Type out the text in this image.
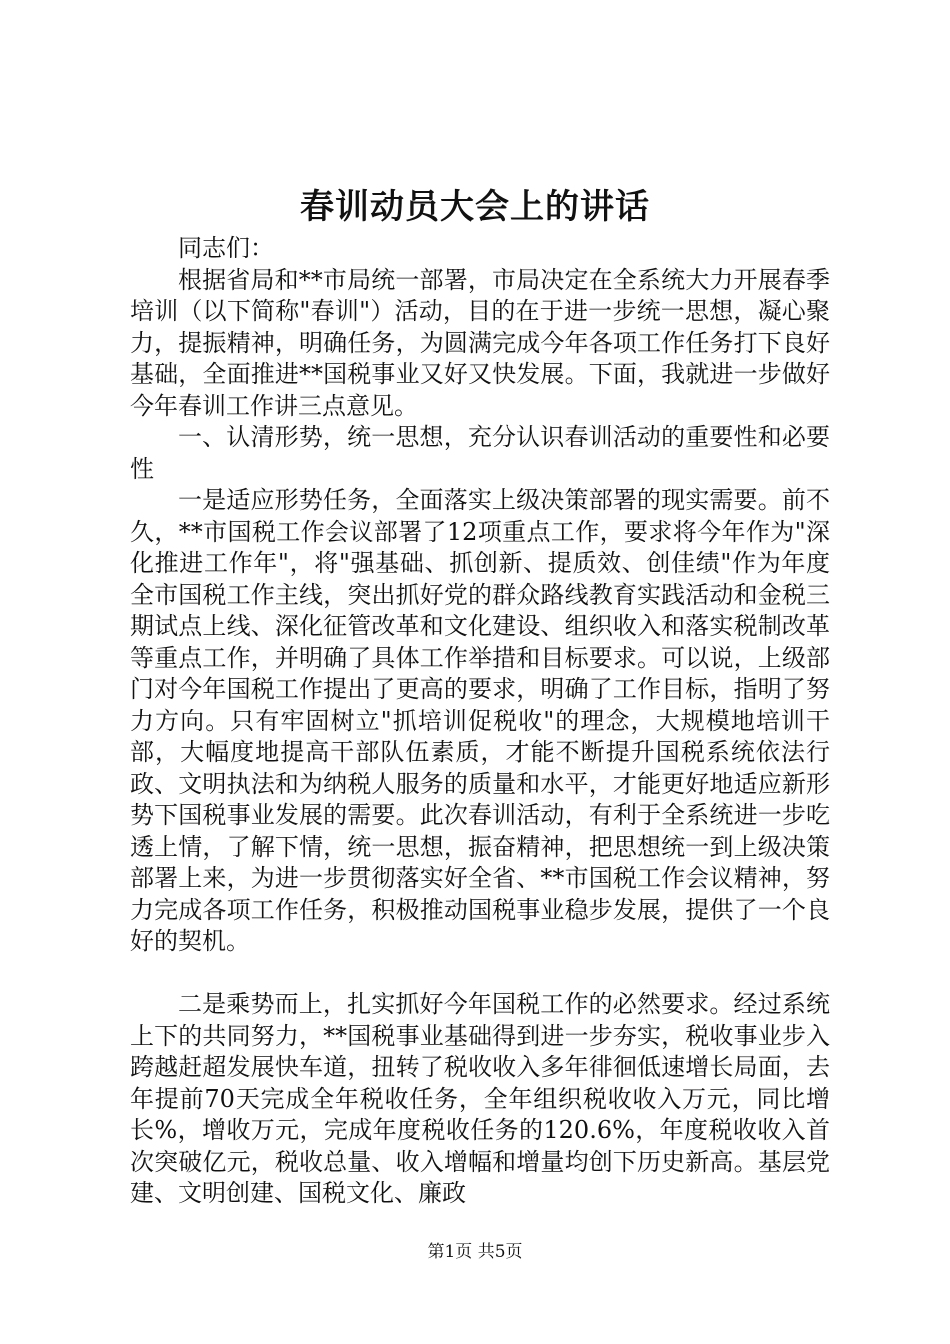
春训动员大会上的讲话

同志们：

根据省局和**市局统一部署，市局决定在全系统大力开展春季培训（以下简称"春训"）活动，目的在于进一步统一思想，凝心聚力，提振精神，明确任务，为圆满完成今年各项工作任务打下良好基础，全面推进**国税事业又好又快发展。下面，我就进一步做好今年春训工作讲三点意见。

一、认清形势，统一思想，充分认识春训活动的重要性和必要性

一是适应形势任务，全面落实上级决策部署的现实需要。前不久，**市国税工作会议部署了12项重点工作，要求将今年作为"深化推进工作年"，将"强基础、抓创新、提质效、创佳绩"作为年度全市国税工作主线，突出抓好党的群众路线教育实践活动和金税三期试点上线、深化征管改革和文化建设、组织收入和落实税制改革等重点工作，并明确了具体工作举措和目标要求。可以说，上级部门对今年国税工作提出了更高的要求，明确了工作目标，指明了努力方向。只有牢固树立"抓培训促税收"的理念，大规模地培训干部，大幅度地提高干部队伍素质，才能不断提升国税系统依法行政、文明执法和为纳税人服务的质量和水平，才能更好地适应新形势下国税事业发展的需要。此次春训活动，有利于全系统进一步吃透上情，了解下情，统一思想，振奋精神，把思想统一到上级决策部署上来，为进一步贯彻落实好全省、**市国税工作会议精神，努力完成各项工作任务，积极推动国税事业稳步发展，提供了一个良好的契机。

二是乘势而上，扎实抓好今年国税工作的必然要求。经过系统上下的共同努力，**国税事业基础得到进一步夯实，税收事业步入跨越赶超发展快车道，扭转了税收收入多年徘徊低速增长局面，去年提前70天完成全年税收任务，全年组织税收收入万元，同比增长%，增收万元，完成年度税收任务的120.6%，年度税收收入首次突破亿元，税收总量、收入增幅和增量均创下历史新高。基层党建、文明创建、国税文化、廉政

第1页 共5页
